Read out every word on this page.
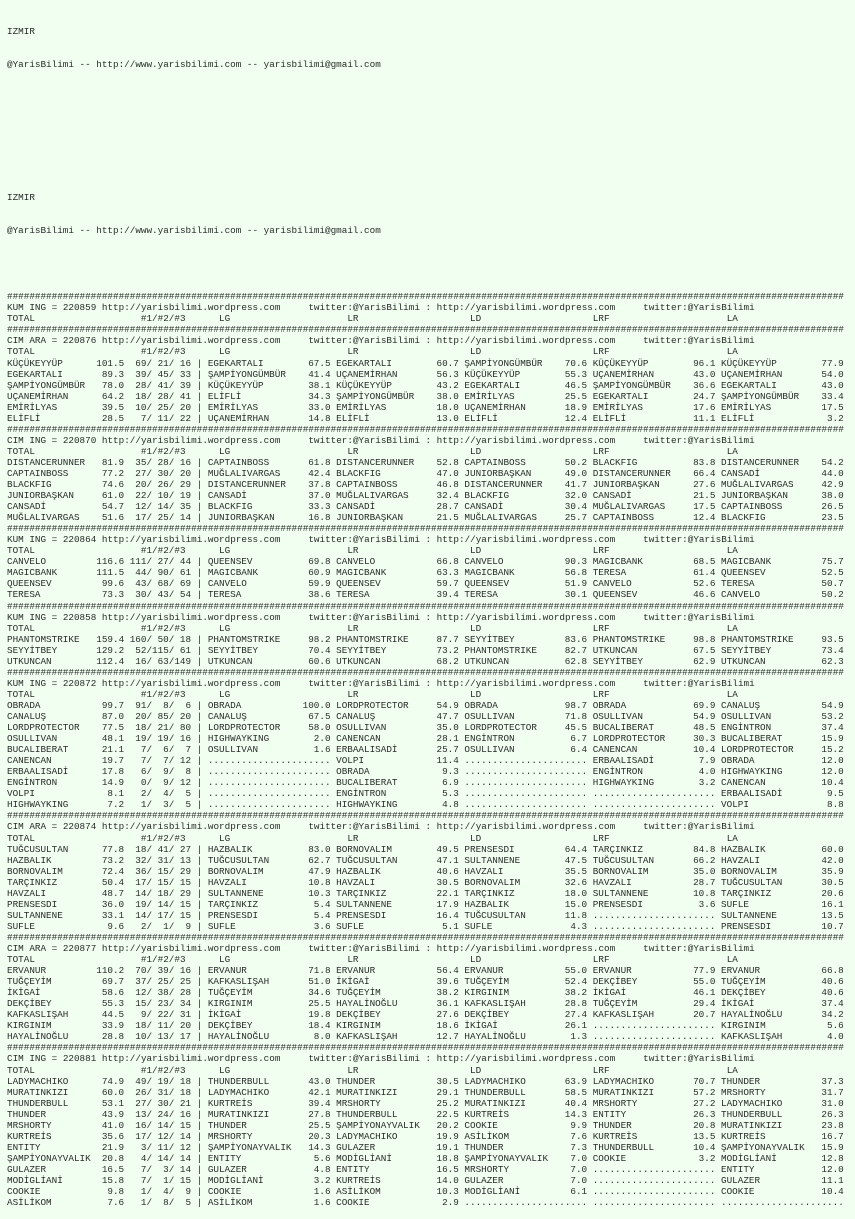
IZMIR

@YarisBilimi -- http://www.yarisbilimi.com -- yarisbilimi@gmail.com

IZMIR

@YarisBilimi -- http://www.yarisbilimi.com -- yarisbilimi@gmail.com

######################################################################################################################################################
KUM ING = 220859 http://yarisbilimi.wordpress.com	twitter:@YarisBilimi : http://yarisbilimi.wordpress.com	twitter:@YarisBilimi
TOTAL	#1/#2/#3	LG	LR	LD	LRF	LA
######################################################################################################################################################
CIM ARA = 220876 http://yarisbilimi.wordpress.com	twitter:@YarisBilimi : http://yarisbilimi.wordpress.com	twitter:@YarisBilimi
TOTAL	#1/#2/#3	LG	LR	LD	LRF	LA
KÜÇÜKEYYÜP	101.5 69 / 21 / 16 | EGEKARTALI	67.5 EGEKARTALI	60.7 ŞAMPİYONGÜMBÜR 70.6 KÜÇÜKEYYÜP	96.1 KÜÇÜKEYYÜP	77.9
EGEKARTALI	89.3 39 / 45 / 33 | ŞAMPİYONGÜMBÜR 41.4 UÇANEMİRHAN	56.3 KÜÇÜKEYYÜP	55.3 UÇANEMİRHAN	43.0 UÇANEMİRHAN	54.0
ŞAMPİYONGÜMBÜR 78.0 28 / 41 / 39 | KÜÇÜKEYYÜP	38.1 KÜÇÜKEYYÜP	43.2 EGEKARTALI	46.5 ŞAMPİYONGÜMBÜR 36.6 EGEKARTALI	43.0
UÇANEMİRHAN	64.2 18 / 28 / 41 | ELİFLİ	34.3 ŞAMPİYONGÜMBÜR 38.0 EMİRİLYAS	25.5 EGEKARTALI	24.7 ŞAMPİYONGÜMBÜR 33.4
EMİRİLYAS	39.5 10 / 25 / 20 | EMİRİLYAS	33.0 EMİRİLYAS	18.0 UÇANEMİRHAN	18.9 EMİRİLYAS	17.6 EMİRİLYAS	17.5
ELİFLİ	28.5 7 / 11 / 22 | UÇANEMİRHAN	14.8 ELİFLİ	13.0 ELİFLİ	12.4 ELİFLİ	11.1 ELİFLİ	3.2
######################################################################################################################################################
CIM ING = 220870 http://yarisbilimi.wordpress.com	twitter:@YarisBilimi : http://yarisbilimi.wordpress.com	twitter:@YarisBilimi
TOTAL	#1/#2/#3	LG	LR	LD	LRF	LA
DISTANCERUNNER 81.9 35 / 28 / 16 | CAPTAINBOSS	61.8 DISTANCERUNNER 52.8 CAPTAINBOSS	50.2 BLACKFIG	83.8 DISTANCERUNNER 54.2
CAPTAINBOSS	77.2 27 / 30 / 20 | MUĞLALIVARGAS	42.4 BLACKFIG	47.0 JUNIORBAŞKAN	49.0 DISTANCERUNNER 66.4 CANSADİ	44.0
BLACKFIG	74.6 20 / 26 / 29 | DISTANCERUNNER 37.8 CAPTAINBOSS	46.8 DISTANCERUNNER 41.7 JUNIORBAŞKAN	27.6 MUĞLALIVARGAS	42.9
JUNIORBAŞKAN	61.0 22 / 10 / 19 | CANSADİ	37.0 MUĞLALIVARGAS	32.4 BLACKFIG	32.0 CANSADİ	21.5 JUNIORBAŞKAN	38.0
CANSADİ	54.7 12 / 14 / 35 | BLACKFIG	33.3 CANSADİ	28.7 CANSADİ	30.4 MUĞLALIVARGAS	17.5 CAPTAINBOSS	26.5
MUĞLALIVARGAS 51.6 17 / 25 / 14 | JUNIORBAŞKAN	16.8 JUNIORBAŞKAN	21.5 MUĞLALIVARGAS	25.7 CAPTAINBOSS	12.4 BLACKFIG	23.5
######################################################################################################################################################
KUM ING = 220864 http://yarisbilimi.wordpress.com	twitter:@YarisBilimi : http://yarisbilimi.wordpress.com	twitter:@YarisBilimi
TOTAL	#1/#2/#3	LG	LR	LD	LRF	LA
CANVELO	116.6 111 / 27 / 44 | QUEENSEV	69.8 CANVELO	66.8 CANVELO	90.3 MAGICBANK	68.5 MAGICBANK	75.7
MAGICBANK	111.5 44 / 90 / 61 | MAGICBANK	60.9 MAGICBANK	63.3 MAGICBANK	56.8 TERESA	61.4 QUEENSEV	52.5
QUEENSEV	99.6 43 / 68 / 69 | CANVELO	59.9 QUEENSEV	59.7 QUEENSEV	51.9 CANVELO	52.6 TERESA	50.7
TERESA	73.3 30 / 43 / 54 | TERESA	38.6 TERESA	39.4 TERESA	30.1 QUEENSEV	46.6 CANVELO	50.2
######################################################################################################################################################
KUM ING = 220858 http://yarisbilimi.wordpress.com	twitter:@YarisBilimi : http://yarisbilimi.wordpress.com	twitter:@YarisBilimi
TOTAL	#1/#2/#3	LG	LR	LD	LRF	LA
PHANTOMSTRIKE 159.4 160 / 50 / 18 | PHANTOMSTRIKE	98.2 PHANTOMSTRIKE	87.7 SEYYİTBEY	83.6 PHANTOMSTRIKE	98.8 PHANTOMSTRIKE	93.5
SEYYİTBEY	129.2 52 / 115 / 61 | SEYYİTBEY	70.4 SEYYİTBEY	73.2 PHANTOMSTRIKE	82.7 UTKUNCAN	67.5 SEYYİTBEY	73.4
UTKUNCAN	112.4 16 / 63 / 149 | UTKUNCAN	60.6 UTKUNCAN	68.2 UTKUNCAN	62.8 SEYYİTBEY	62.9 UTKUNCAN	62.3
######################################################################################################################################################
KUM ING = 220872 http://yarisbilimi.wordpress.com	twitter:@YarisBilimi : http://yarisbilimi.wordpress.com	twitter:@YarisBilimi
TOTAL	#1/#2/#3	LG	LR	LD	LRF	LA
OBRADA	99.7 91 / 8 / 6 | OBRADA	100.0 LORDPROTECTOR	54.9 OBRADA	98.7 OBRADA	69.9 CANALUŞ	54.9
CANALUŞ	87.0 20 / 85 / 20 | CANALUŞ	67.5 CANALUŞ	47.7 OSULLIVAN	71.8 OSULLIVAN	54.9 OSULLIVAN	53.2
LORDPROTECTOR 77.5 18 / 21 / 80 | LORDPROTECTOR	58.0 OSULLIVAN	35.0 LORDPROTECTOR	45.5 BUCALIBERAT	48.5 ENGİNTRON	37.4
OSULLIVAN	48.1 19 / 19 / 16 | HIGHWAYKING	2.0 CANENCAN	28.1 ENGİNTRON	6.7 LORDPROTECTOR	30.3 BUCALIBERAT	15.9
BUCALIBERAT	21.1 7 / 6 / 7 | OSULLIVAN	1.6 ERBAALISADİ	25.7 OSULLIVAN	6.4 CANENCAN	10.4 LORDPROTECTOR	15.2
CANENCAN	19.7 7 / 7 / 12 | ...................... VOLPI	11.4 ...................... ERBAALISADİ	7.9 OBRADA	12.0
ERBAALISADİ	17.8 6 / 9 / 8 | ...................... OBRADA	9.3 ...................... ENGİNTRON	4.0 HIGHWAYKING	12.0
ENGİNTRON	14.9 0 / 9 / 12 | ...................... BUCALIBERAT	6.9 ...................... HIGHWAYKING	3.2 CANENCAN	10.4
VOLPI	8.1 2 / 4 / 5 | ...................... ENGİNTRON	5.3 ...................... ...................... ERBAALISADİ	9.5
HIGHWAYKING	7.2 1 / 3 / 5 | ...................... HIGHWAYKING	4.8 ...................... ...................... VOLPI	8.8
######################################################################################################################################################
CIM ARA = 220874 http://yarisbilimi.wordpress.com	twitter:@YarisBilimi : http://yarisbilimi.wordpress.com	twitter:@YarisBilimi
TOTAL	#1/#2/#3	LG	LR	LD	LRF	LA
TUĞCUSULTAN	77.8 18 / 41 / 27 | HAZBALIK	83.0 BORNOVALIM	49.5 PRENSESDI	64.4 TARÇINKIZ	84.8 HAZBALIK	60.0
HAZBALIK	73.2 32 / 31 / 13 | TUĞCUSULTAN	62.7 TUĞCUSULTAN	47.1 SULTANNENE	47.5 TUĞCUSULTAN	66.2 HAVZALI	42.0
BORNOVALIM	72.4 36 / 15 / 29 | BORNOVALIM	47.9 HAZBALIK	40.6 HAVZALI	35.5 BORNOVALIM	35.0 BORNOVALIM	35.9
TARÇINKIZ	50.4 17 / 15 / 15 | HAVZALI	10.8 HAVZALI	30.5 BORNOVALIM	32.6 HAVZALI	28.7 TUĞCUSULTAN	30.5
HAVZALI	48.7 14 / 18 / 29 | SULTANNENE	10.3 TARÇINKIZ	22.1 TARÇINKIZ	18.0 SULTANNENE	10.8 TARÇINKIZ	20.6
PRENSESDI	36.0 19 / 14 / 15 | TARÇINKIZ	5.4 SULTANNENE	17.9 HAZBALIK	15.0 PRENSESDI	3.6 SUFLE	16.1
SULTANNENE	33.1 14 / 17 / 15 | PRENSESDI	5.4 PRENSESDI	16.4 TUĞCUSULTAN	11.8 ...................... SULTANNENE	13.5
SUFLE	9.6 2 / 1 / 9 | SUFLE	3.6 SUFLE	5.1 SUFLE	4.3 ...................... PRENSESDI	10.7
######################################################################################################################################################
CIM ARA = 220877 http://yarisbilimi.wordpress.com	twitter:@YarisBilimi : http://yarisbilimi.wordpress.com	twitter:@YarisBilimi
TOTAL	#1/#2/#3	LG	LR	LD	LRF	LA
ERVANUR	110.2 70 / 39 / 16 | ERVANUR	71.8 ERVANUR	56.4 ERVANUR	55.0 ERVANUR	77.9 ERVANUR	66.8
TUĞÇEYİM	69.7 37 / 25 / 25 | KAFKASLIŞAH	51.0 İKİGAİ	39.6 TUĞÇEYİM	52.4 DEKÇİBEY	55.0 TUĞÇEYİM	40.6
İKİGAİ	58.6 12 / 38 / 28 | TUĞÇEYİM	34.6 TUĞÇEYİM	38.2 KIRGINIM	38.2 İKİGAİ	46.1 DEKÇİBEY	40.6
DEKÇİBEY	55.3 15 / 23 / 34 | KIRGINIM	25.5 HAYALİNOĞLU	36.1 KAFKASLIŞAH	28.8 TUĞÇEYİM	29.4 İKİGAİ	37.4
KAFKASLIŞAH	44.5 9 / 22 / 31 | İKİGAİ	19.8 DEKÇİBEY	27.6 DEKÇİBEY	27.4 KAFKASLIŞAH	20.7 HAYALİNOĞLU	34.2
KIRGINIM	33.9 18 / 11 / 20 | DEKÇİBEY	18.4 KIRGINIM	18.6 İKİGAİ	26.1 ...................... KIRGINIM	5.6
HAYALİNOĞLU	28.8 10 / 13 / 17 | HAYALİNOĞLU	8.0 KAFKASLIŞAH	12.7 HAYALİNOĞLU	1.3 ...................... KAFKASLIŞAH	4.0
######################################################################################################################################################
CIM ING = 220881 http://yarisbilimi.wordpress.com	twitter:@YarisBilimi : http://yarisbilimi.wordpress.com	twitter:@YarisBilimi
TOTAL	#1/#2/#3	LG	LR	LD	LRF	LA
LADYMACHIKO	74.9 49 / 19 / 18 | THUNDERBULL	43.0 THUNDER	30.5 LADYMACHIKO	63.9 LADYMACHIKO	70.7 THUNDER	37.3
MURATINKIZI	60.0 26 / 31 / 18 | LADYMACHIKO	42.1 MURATINKIZI	29.1 THUNDERBULL	58.5 MURATINKIZI	57.2 MRSHORTY	31.7
THUNDERBULL	53.1 27 / 30 / 21 | KURTREİS	39.4 MRSHORTY	25.2 MURATINKIZI	40.4 MRSHORTY	27.2 LADYMACHIKO	31.0
THUNDER	43.9 13 / 24 / 16 | MURATINKIZI	27.8 THUNDERBULL	22.5 KURTREİS	14.3 ENTITY	26.3 THUNDERBULL	26.3
MRSHORTY	41.0 16 / 14 / 15 | THUNDER	25.5 ŞAMPİYONAYVALIK 20.2 COOKIE	9.9 THUNDER	20.8 MURATINKIZI	23.8
KURTREİS	35.6 17 / 12 / 14 | MRSHORTY	20.3 LADYMACHIKO	19.9 ASİLİKOM	7.6 KURTREİS	13.5 KURTREİS	16.7
ENTITY	21.9 3 / 11 / 12 | ŞAMPİYONAYVALIK 14.3 GULAZER	19.1 THUNDER	7.3 THUNDERBULL	10.4 ŞAMPİYONAYVALIK 15.9
ŞAMPİYONAYVALIK 20.8 4 / 14 / 14 | ENTITY	5.6 MODİGLİANİ	18.8 ŞAMPİYONAYVALIK 7.0 COOKIE	3.2 MODİGLİANİ	12.8
GULAZER	16.5 7 / 3 / 14 | GULAZER	4.8 ENTITY	16.5 MRSHORTY	7.0 ...................... ENTITY	12.0
MODİGLİANİ	15.8 7 / 1 / 15 | MODİGLİANİ	3.2 KURTREİS	14.0 GULAZER	7.0 ...................... GULAZER	11.1
COOKIE	9.8 1 / 4 / 9 | COOKIE	1.6 ASİLİKOM	10.3 MODİGLİANİ	6.1 ...................... COOKIE	10.4
ASİLİKOM	7.6 1 / 8 / 5 | ASİLİKOM	1.6 COOKIE	2.9 ...................... ...................... ......................
